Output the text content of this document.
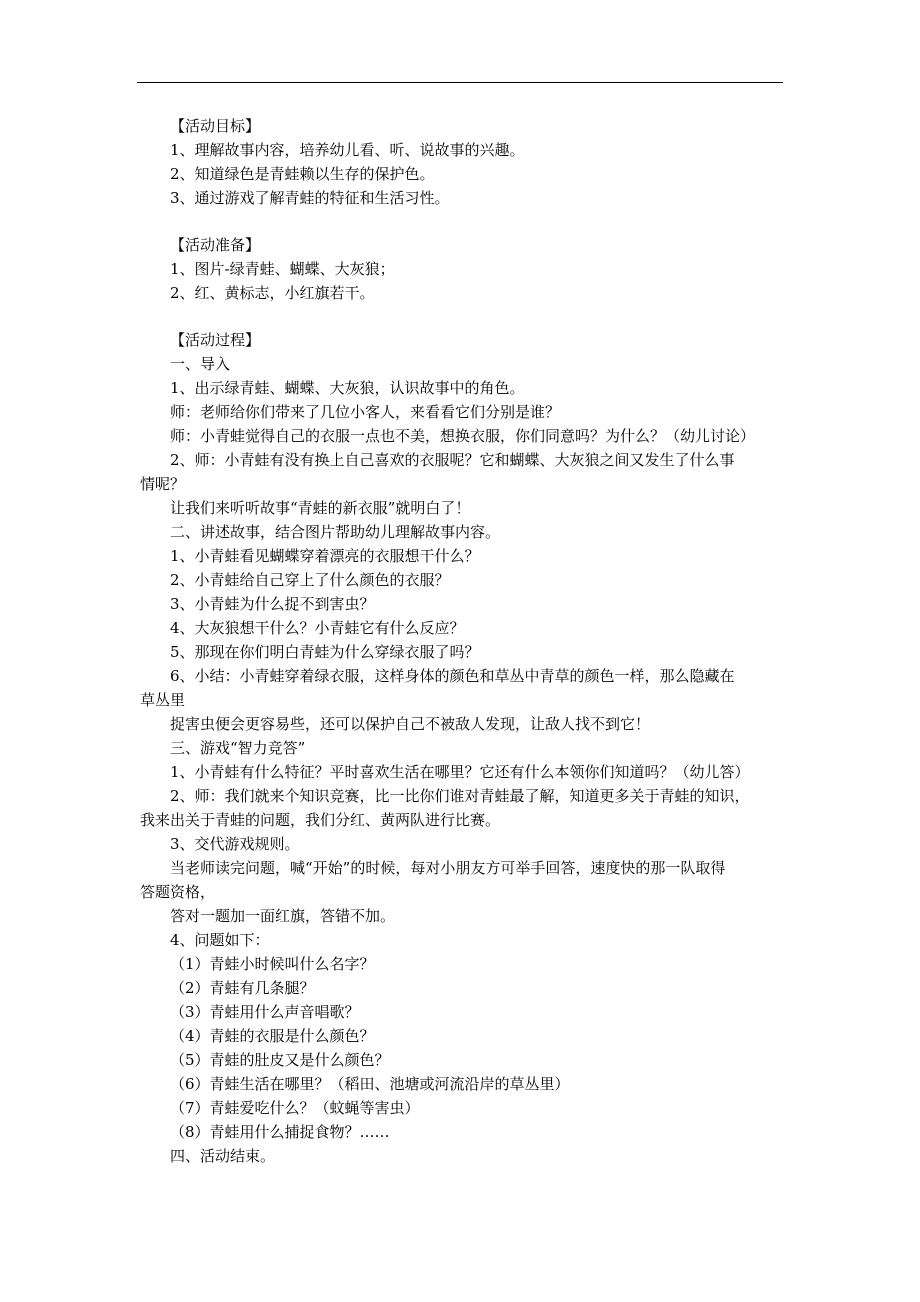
【活动目标】
1、理解故事内容，培养幼儿看、听、说故事的兴趣。
2、知道绿色是青蛙赖以生存的保护色。
3、通过游戏了解青蛙的特征和生活习性。
【活动准备】
1、图片-绿青蛙、蝴蝶、大灰狼；
2、红、黄标志，小红旗若干。
【活动过程】
一、导入
1、出示绿青蛙、蝴蝶、大灰狼，认识故事中的角色。
师：老师给你们带来了几位小客人，来看看它们分别是谁？
师：小青蛙觉得自己的衣服一点也不美，想换衣服，你们同意吗？为什么？（幼儿讨论）
2、师：小青蛙有没有换上自己喜欢的衣服呢？它和蝴蝶、大灰狼之间又发生了什么事
情呢？
让我们来听听故事“青蛙的新衣服”就明白了！
二、讲述故事，结合图片帮助幼儿理解故事内容。
1、小青蛙看见蝴蝶穿着漂亮的衣服想干什么？
2、小青蛙给自己穿上了什么颜色的衣服？
3、小青蛙为什么捉不到害虫？
4、大灰狼想干什么？小青蛙它有什么反应？
5、那现在你们明白青蛙为什么穿绿衣服了吗？
6、小结：小青蛙穿着绿衣服，这样身体的颜色和草丛中青草的颜色一样，那么隐藏在
草丛里
捉害虫便会更容易些，还可以保护自己不被敌人发现，让敌人找不到它！
三、游戏“智力竞答”
1、小青蛙有什么特征？平时喜欢生活在哪里？它还有什么本领你们知道吗？（幼儿答）
2、师：我们就来个知识竞赛，比一比你们谁对青蛙最了解，知道更多关于青蛙的知识，
我来出关于青蛙的问题，我们分红、黄两队进行比赛。
3、交代游戏规则。
当老师读完问题，喊“开始”的时候，每对小朋友方可举手回答，速度快的那一队取得
答题资格，
答对一题加一面红旗，答错不加。
4、问题如下：
（1）青蛙小时候叫什么名字？
（2）青蛙有几条腿？
（3）青蛙用什么声音唱歌？
（4）青蛙的衣服是什么颜色？
（5）青蛙的肚皮又是什么颜色？
（6）青蛙生活在哪里？（稻田、池塘或河流沿岸的草丛里）
（7）青蛙爱吃什么？（蚊蝇等害虫）
（8）青蛙用什么捕捉食物？……
四、活动结束。
